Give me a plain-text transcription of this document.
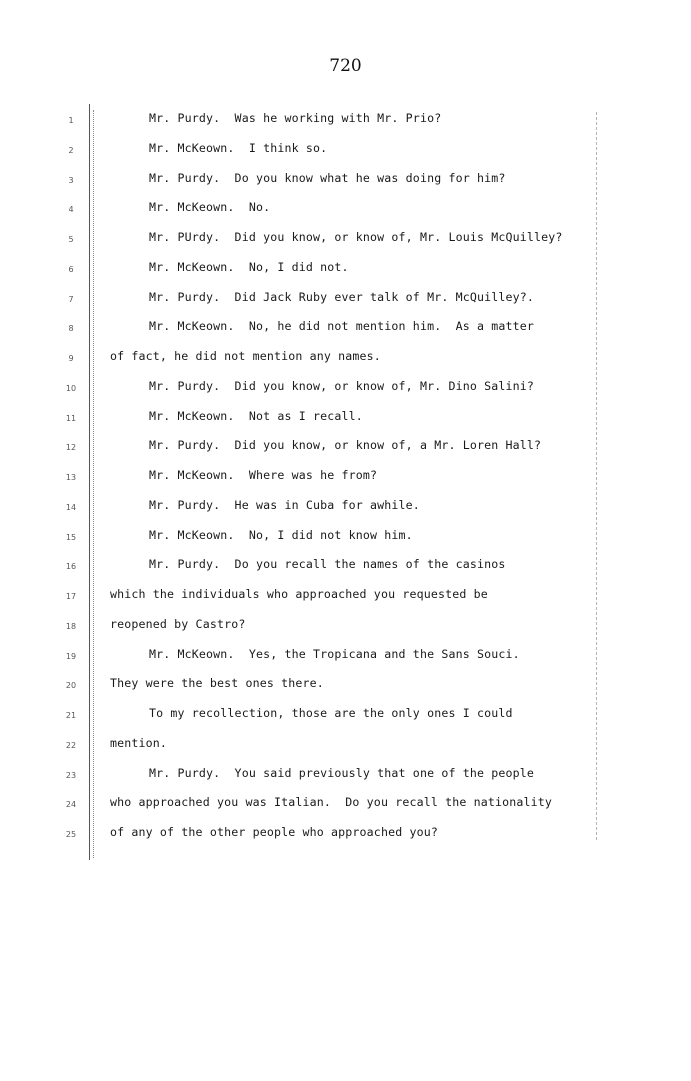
720
1	Mr. Purdy.  Was he working with Mr. Prio?
2	Mr. McKeown.  I think so.
3	Mr. Purdy.  Do you know what he was doing for him?
4	Mr. McKeown.  No.
5	Mr. PUrdy.  Did you know, or know of, Mr. Louis McQuilley?
6	Mr. McKeown.  No, I did not.
7	Mr. Purdy.  Did Jack Ruby ever talk of Mr. McQuilley?.
8	Mr. McKeown.  No, he did not mention him.  As a matter
9	of fact, he did not mention any names.
10	Mr. Purdy.  Did you know, or know of, Mr. Dino Salini?
11	Mr. McKeown.  Not as I recall.
12	Mr. Purdy.  Did you know, or know of, a Mr. Loren Hall?
13	Mr. McKeown.  Where was he from?
14	Mr. Purdy.  He was in Cuba for awhile.
15	Mr. McKeown.  No, I did not know him.
16	Mr. Purdy.  Do you recall the names of the casinos
17	which the individuals who approached you requested be
18	reopened by Castro?
19	Mr. McKeown.  Yes, the Tropicana and the Sans Souci.
20	They were the best ones there.
21	To my recollection, those are the only ones I could
22	mention.
23	Mr. Purdy.  You said previously that one of the people
24	who approached you was Italian.  Do you recall the nationality
25	of any of the other people who approached you?
